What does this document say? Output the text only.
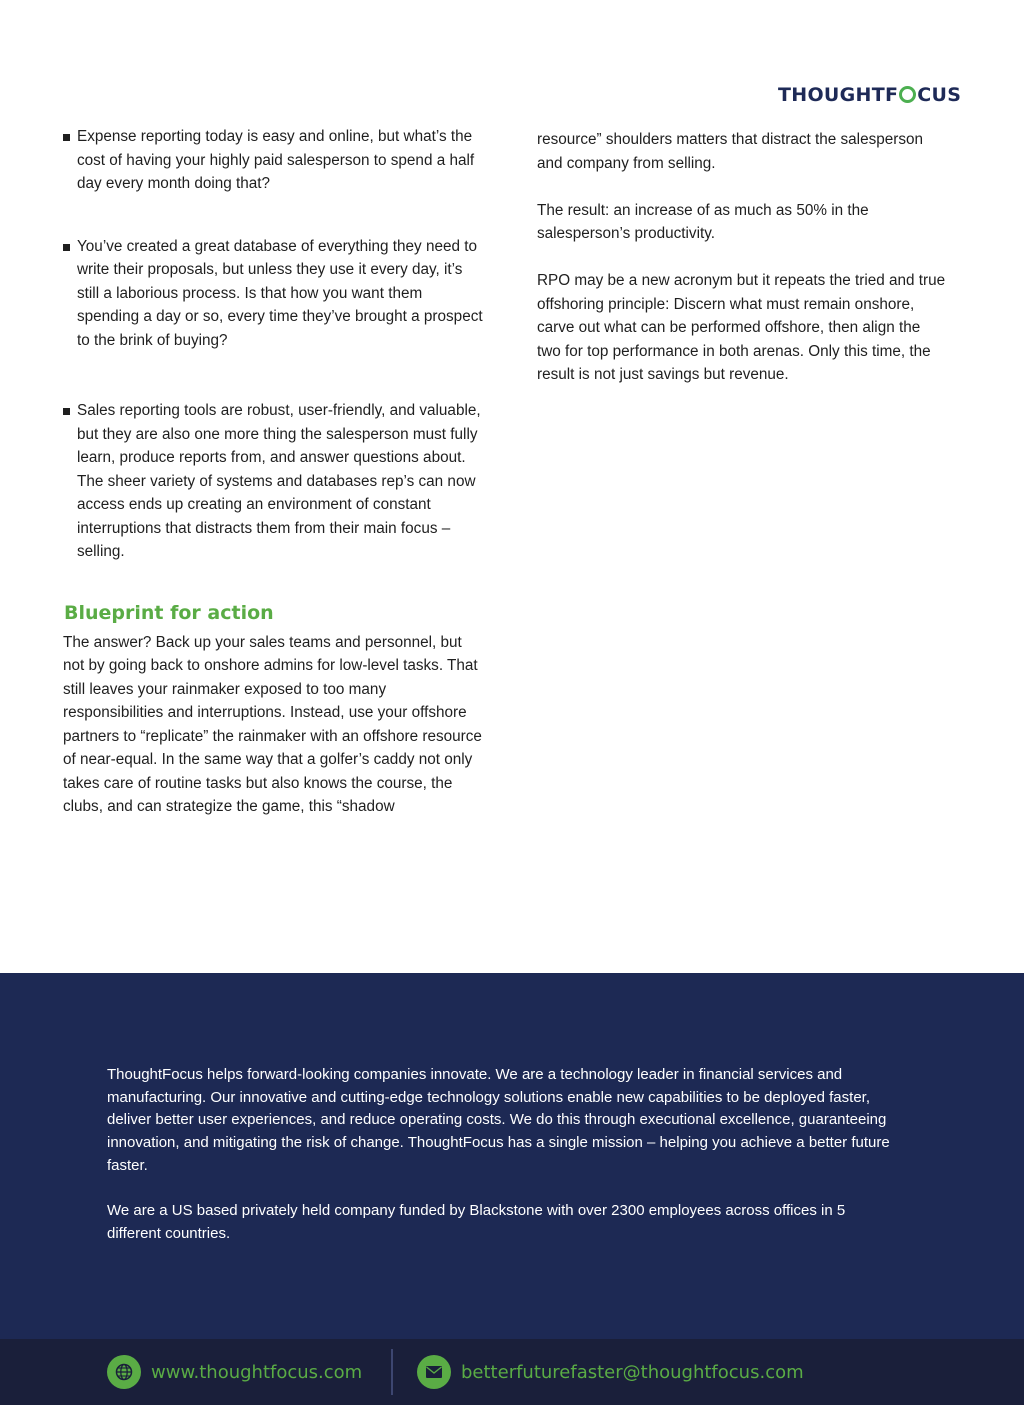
THOUGHTF CUS
Expense reporting today is easy and online, but what’s the cost of having your highly paid salesperson to spend a half day every month doing that?
You’ve created a great database of everything they need to write their proposals, but unless they use it every day, it’s still a laborious process. Is that how you want them spending a day or so, every time they’ve brought a prospect to the brink of buying?
Sales reporting tools are robust, user-friendly, and valuable, but they are also one more thing the salesperson must fully learn, produce reports from, and answer questions about. The sheer variety of systems and databases rep’s can now access ends up creating an environment of constant interruptions that distracts them from their main focus – selling.
Blueprint for action

The answer? Back up your sales teams and personnel, but not by going back to onshore admins for low-level tasks. That still leaves your rainmaker exposed to too many responsibilities and interruptions. Instead, use your offshore partners to “replicate” the rainmaker with an offshore resource of near-equal. In the same way that a golfer’s caddy not only takes care of routine tasks but also knows the course, the clubs, and can strategize the game, this “shadow

resource” shoulders matters that distract the salesperson and company from selling.

The result: an increase of as much as 50% in the salesperson’s productivity.

RPO may be a new acronym but it repeats the tried and true offshoring principle: Discern what must remain onshore, carve out what can be performed offshore, then align the two for top performance in both arenas. Only this time, the result is not just savings but revenue.

ThoughtFocus helps forward-looking companies innovate. We are a technology leader in financial services and manufacturing. Our innovative and cutting-edge technology solutions enable new capabilities to be deployed faster, deliver better user experiences, and reduce operating costs. We do this through executional excellence, guaranteeing innovation, and mitigating the risk of change. ThoughtFocus has a single mission – helping you achieve a better future faster.

We are a US based privately held company funded by Blackstone with over 2300 employees across offices in 5 different countries.

www.thoughtfocus.com	betterfuturefaster@thoughtfocus.com
